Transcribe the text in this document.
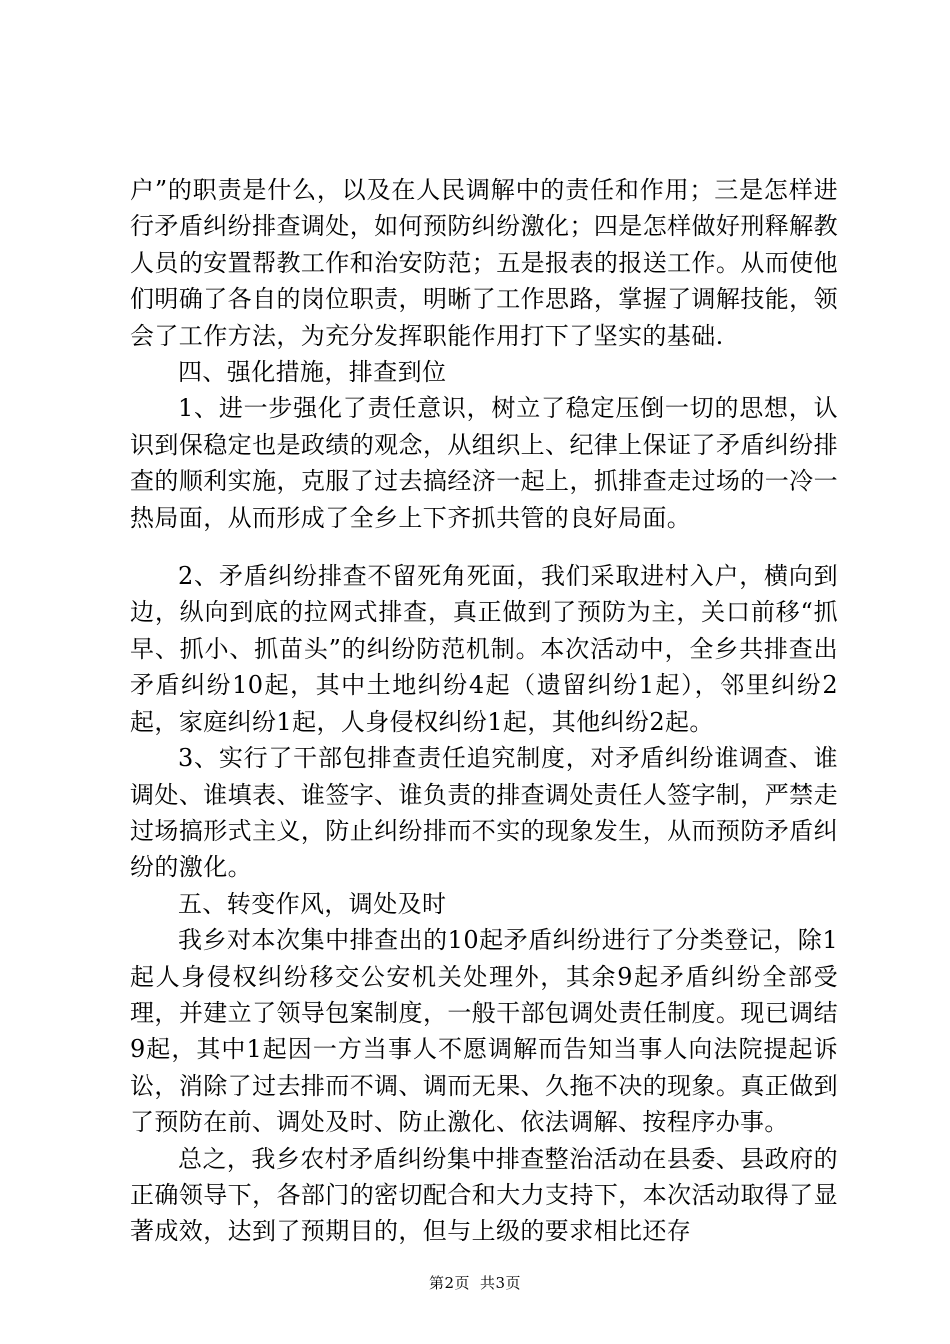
户”的职责是什么，以及在人民调解中的责任和作用；三是怎样进行矛盾纠纷排查调处，如何预防纠纷激化；四是怎样做好刑释解教人员的安置帮教工作和治安防范；五是报表的报送工作。从而使他们明确了各自的岗位职责，明晰了工作思路，掌握了调解技能，领会了工作方法，为充分发挥职能作用打下了坚实的基础.

四、强化措施，排查到位

1、进一步强化了责任意识，树立了稳定压倒一切的思想，认识到保稳定也是政绩的观念，从组织上、纪律上保证了矛盾纠纷排查的顺利实施，克服了过去搞经济一起上，抓排查走过场的一冷一热局面，从而形成了全乡上下齐抓共管的良好局面。

2、矛盾纠纷排查不留死角死面，我们采取进村入户，横向到边，纵向到底的拉网式排查，真正做到了预防为主，关口前移“抓早、抓小、抓苗头”的纠纷防范机制。本次活动中，全乡共排查出矛盾纠纷10起，其中土地纠纷4起（遗留纠纷1起），邻里纠纷2起，家庭纠纷1起，人身侵权纠纷1起，其他纠纷2起。

3、实行了干部包排查责任追究制度，对矛盾纠纷谁调查、谁调处、谁填表、谁签字、谁负责的排查调处责任人签字制，严禁走过场搞形式主义，防止纠纷排而不实的现象发生，从而预防矛盾纠纷的激化。

五、转变作风，调处及时

我乡对本次集中排查出的10起矛盾纠纷进行了分类登记，除1起人身侵权纠纷移交公安机关处理外，其余9起矛盾纠纷全部受理，并建立了领导包案制度，一般干部包调处责任制度。现已调结9起，其中1起因一方当事人不愿调解而告知当事人向法院提起诉讼，消除了过去排而不调、调而无果、久拖不决的现象。真正做到了预防在前、调处及时、防止激化、依法调解、按程序办事。

总之，我乡农村矛盾纠纷集中排查整治活动在县委、县政府的正确领导下，各部门的密切配合和大力支持下，本次活动取得了显著成效，达到了预期目的，但与上级的要求相比还存

第2页 共3页
